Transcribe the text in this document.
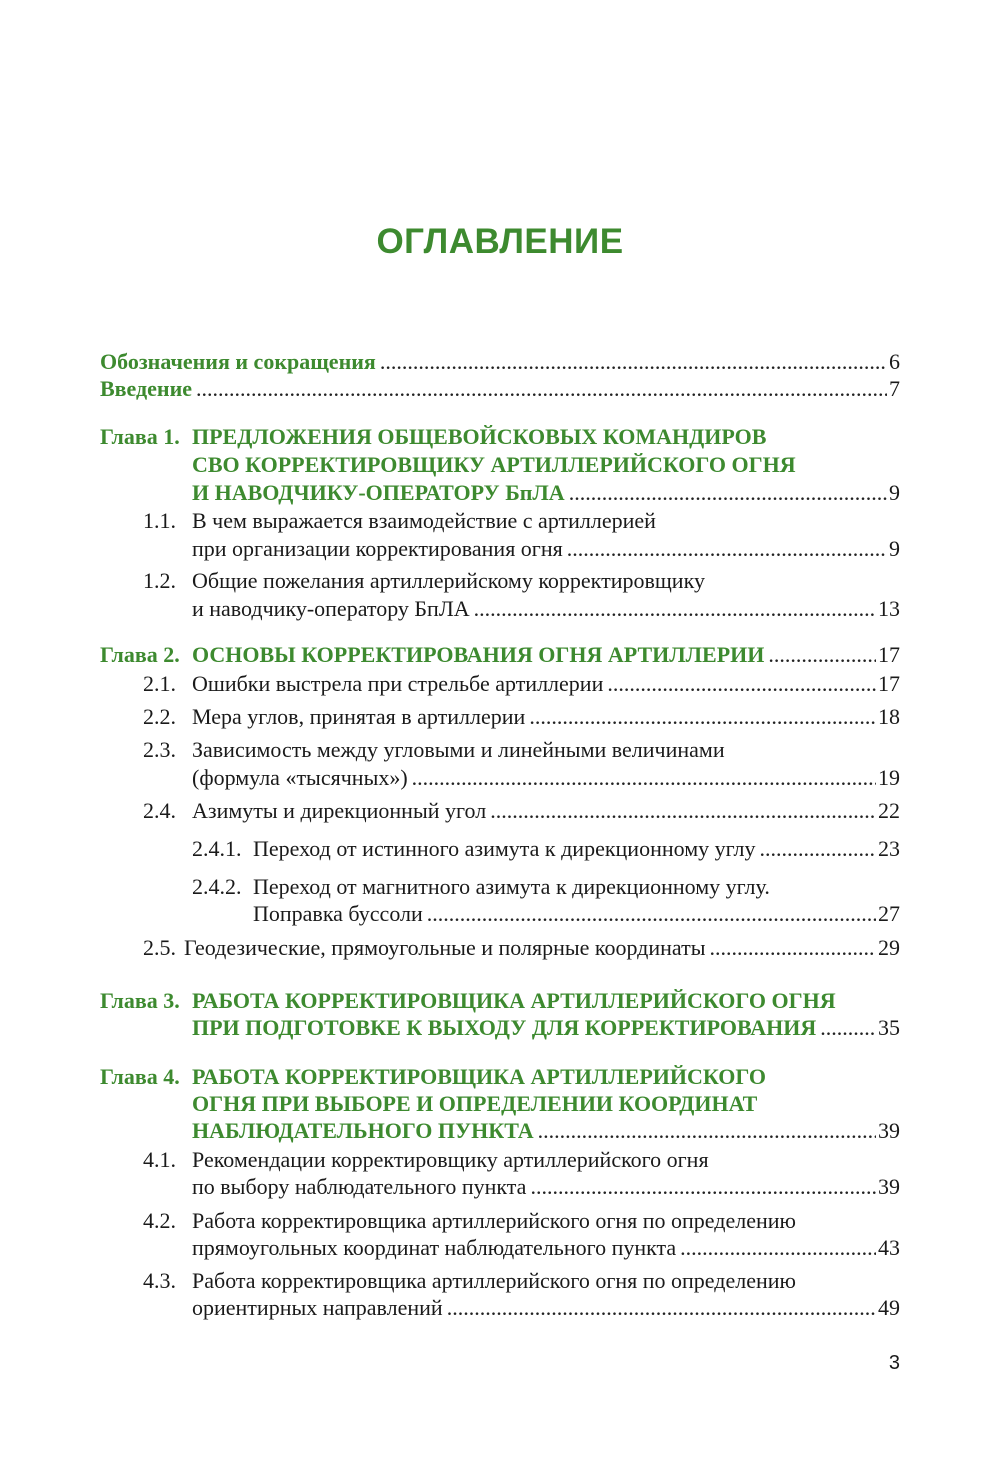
ОГЛАВЛЕНИЕ
Обозначения и сокращения .....	6
Введение .....	7
Глава 1. ПРЕДЛОЖЕНИЯ ОБЩЕВОЙСКОВЫХ КОМАНДИРОВ
СВО КОРРЕКТИРОВЩИКУ АРТИЛЛЕРИЙСКОГО ОГНЯ
И НАВОДЧИКУ-ОПЕРАТОРУ БпЛА .....	9
1.1. В чем выражается взаимодействие с артиллерией
при организации корректирования огня .....	9
1.2. Общие пожелания артиллерийскому корректировщику
и наводчику-оператору БпЛА .....	13
Глава 2. ОСНОВЫ КОРРЕКТИРОВАНИЯ ОГНЯ АРТИЛЛЕРИИ .....	17
2.1. Ошибки выстрела при стрельбе артиллерии .....	17
2.2. Мера углов, принятая в артиллерии .....	18
2.3. Зависимость между угловыми и линейными величинами
(формула «тысячных») .....	19
2.4. Азимуты и дирекционный угол .....	22
2.4.1. Переход от истинного азимута к дирекционному углу .....	23
2.4.2. Переход от магнитного азимута к дирекционному углу.
Поправка буссоли .....	27
2.5. Геодезические, прямоугольные и полярные координаты .....	29
Глава 3. РАБОТА КОРРЕКТИРОВЩИКА АРТИЛЛЕРИЙСКОГО ОГНЯ
ПРИ ПОДГОТОВКЕ К ВЫХОДУ ДЛЯ КОРРЕКТИРОВАНИЯ .....	35
Глава 4. РАБОТА КОРРЕКТИРОВЩИКА АРТИЛЛЕРИЙСКОГО
ОГНЯ ПРИ ВЫБОРЕ И ОПРЕДЕЛЕНИИ КООРДИНАТ
НАБЛЮДАТЕЛЬНОГО ПУНКТА .....	39
4.1. Рекомендации корректировщику артиллерийского огня
по выбору наблюдательного пункта .....	39
4.2. Работа корректировщика артиллерийского огня по определению
прямоугольных координат наблюдательного пункта .....	43
4.3. Работа корректировщика артиллерийского огня по определению
ориентирных направлений .....	49
3
